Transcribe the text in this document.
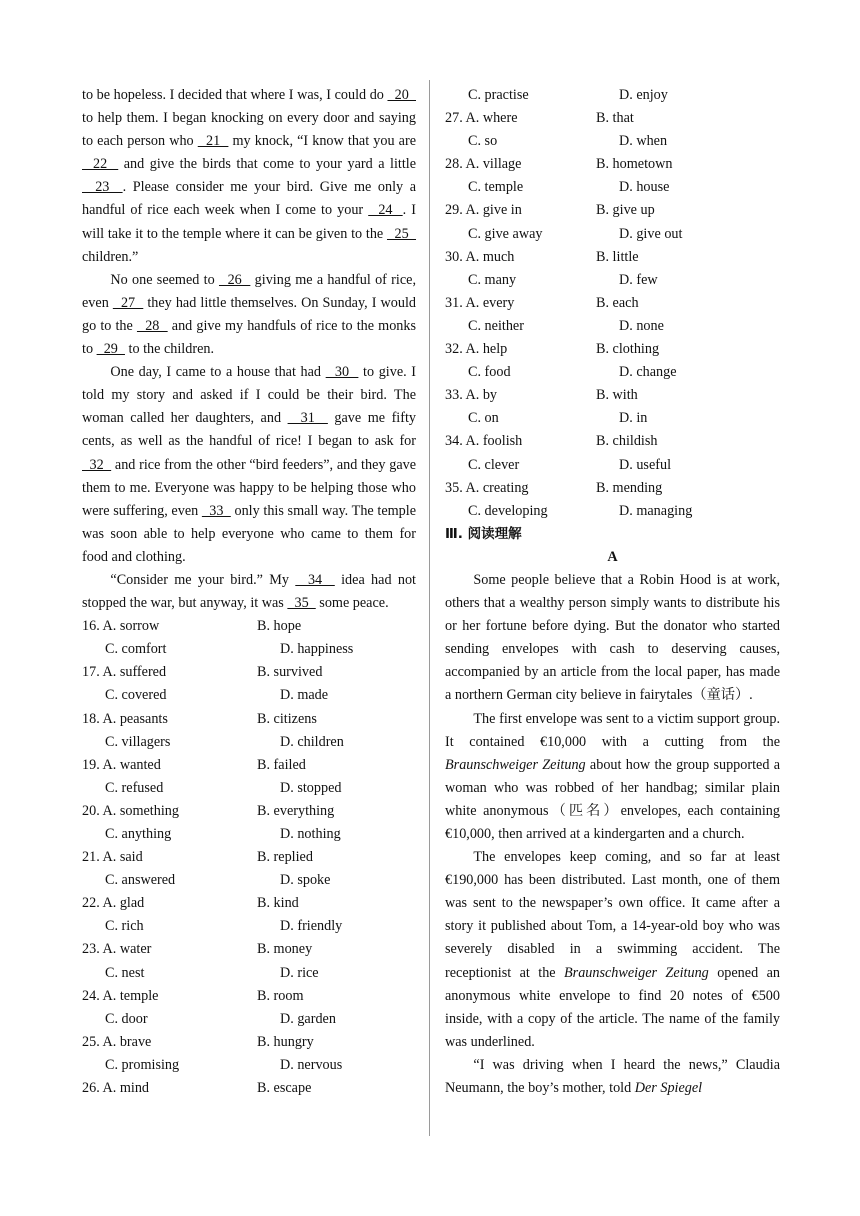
to be hopeless. I decided that where I was, I could do   20   to help them. I began knocking on every door and saying to each person who   21   my knock, “I know that you are   22   and give the birds that come to your yard a little   23  . Please consider me your bird. Give me only a handful of rice each week when I come to your   24  . I will take it to the temple where it can be given to the   25   children.”

No one seemed to   26   giving me a handful of rice, even   27   they had little themselves. On Sunday, I would go to the   28   and give my handfuls of rice to the monks to   29   to the children.

One day, I came to a house that had   30   to give. I told my story and asked if I could be their bird. The woman called her daughters, and   31   gave me fifty cents, as well as the handful of rice! I began to ask for  32   and rice from the other “bird feeders”, and they gave them to me. Everyone was happy to be helping those who were suffering, even   33   only this small way. The temple was soon able to help everyone who came to them for food and clothing.

“Consider me your bird.” My   34   idea had not stopped the war, but anyway, it was   35   some peace.

16. A. sorrow	B. hope
C. comfort	D. happiness
17. A. suffered	B. survived
C. covered	D. made
18. A. peasants	B. citizens
C. villagers	D. children
19. A. wanted	B. failed
C. refused	D. stopped
20. A. something	B. everything
C. anything	D. nothing
21. A. said	B. replied
C. answered	D. spoke
22. A. glad	B. kind
C. rich	D. friendly
23. A. water	B. money
C. nest	D. rice
24. A. temple	B. room
C. door	D. garden
25. A. brave	B. hungry
C. promising	D. nervous
26. A. mind	B. escape
C. practise	D. enjoy
27. A. where	B. that
C. so	D. when
28. A. village	B. hometown
C. temple	D. house
29. A. give in	B. give up
C. give away	D. give out
30. A. much	B. little
C. many	D. few
31. A. every	B. each
C. neither	D. none
32. A. help	B. clothing
C. food	D. change
33. A. by	B. with
C. on	D. in
34. A. foolish	B. childish
C. clever	D. useful
35. A. creating	B. mending
C. developing	D. managing
Ⅲ. 阅读理解
A

Some people believe that a Robin Hood is at work, others that a wealthy person simply wants to distribute his or her fortune before dying. But the donator who started sending envelopes with cash to deserving causes, accompanied by an article from the local paper, has made a northern German city believe in fairytales（童话）.

The first envelope was sent to a victim support group. It contained €10,000 with a cutting from the Braunschweiger Zeitung about how the group supported a woman who was robbed of her handbag; similar plain white anonymous（匹名）envelopes, each containing €10,000, then arrived at a kindergarten and a church.

The envelopes keep coming, and so far at least €190,000 has been distributed. Last month, one of them was sent to the newspaper’s own office. It came after a story it published about Tom, a 14-year-old boy who was severely disabled in a swimming accident. The receptionist at the Braunschweiger Zeitung opened an anonymous white envelope to find 20 notes of €500 inside, with a copy of the article. The name of the family was underlined.

“I was driving when I heard the news,” Claudia Neumann, the boy’s mother, told Der Spiegel
